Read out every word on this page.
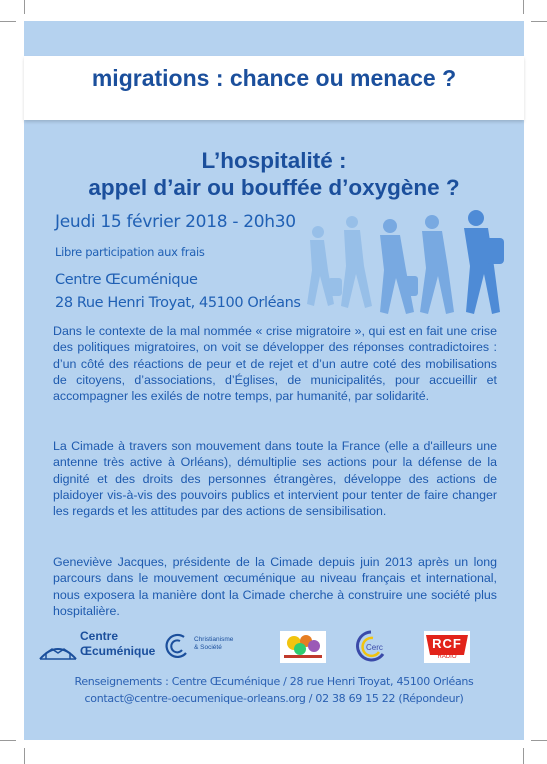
migrations : chance ou menace ?
L’hospitalité :
appel d’air ou bouffée d’oxygène ?
Jeudi 15 février 2018 - 20h30
Libre participation aux frais
Centre Œcuménique
28 Rue Henri Troyat, 45100 Orléans

Dans le contexte de la mal nommée « crise migratoire », qui est en fait une crise des politiques migratoires, on voit se développer des réponses contradictoires : d’un côté des réactions de peur et de rejet et d’un autre coté des mobilisations de citoyens, d’associations, d’Églises, de municipalités, pour accueillir et accompagner les exilés de notre temps, par humanité, par solidarité.

La Cimade à travers son mouvement dans toute la France (elle a d'ailleurs une antenne très active à Orléans), démultiplie ses actions pour la défense de la dignité et des droits des personnes étrangères, développe des actions de plaidoyer vis-à-vis des pouvoirs publics et intervient pour tenter de faire changer les regards et les attitudes par des actions de sensibilisation.

Geneviève Jacques, présidente de la Cimade depuis juin 2013 après un long parcours dans le mouvement œcuménique au niveau français et international, nous exposera la manière dont la Cimade cherche à construire une société plus hospitalière.

Centre
Œcuménique
Christianisme
& Société	Cerc	RCF
RADIO
Renseignements : Centre Œcuménique / 28 rue Henri Troyat, 45100 Orléans
contact@centre-oecumenique-orleans.org / 02 38 69 15 22 (Répondeur)
